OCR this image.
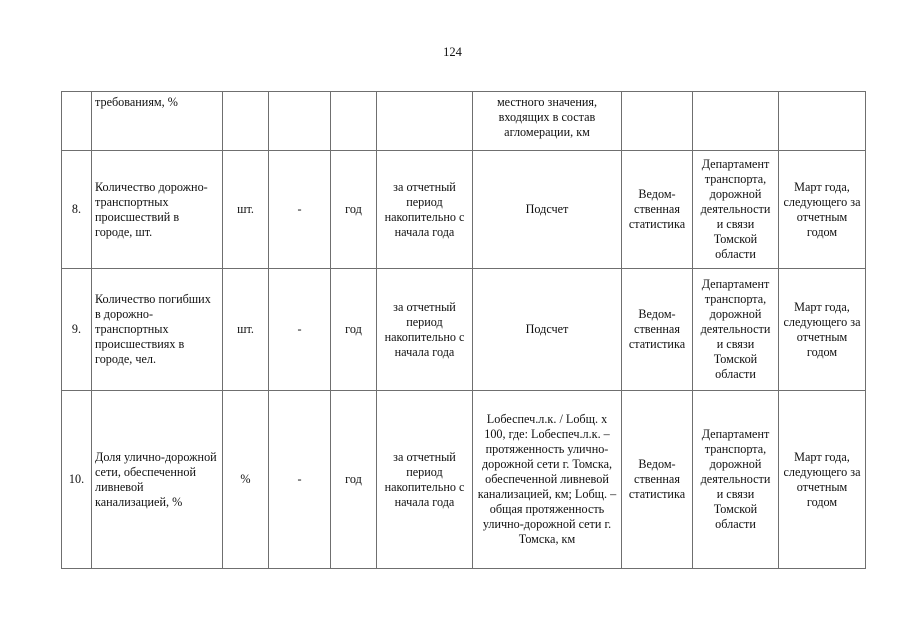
124
	требованиям, %					местного значения, входящих в состав агломерации, км			
8.	Количество дорожно-транспортных происшествий в городе, шт.	шт.	-	год	за отчетный период накопительно с начала года	Подсчет	Ведом-ственная статистика	Департамент транспорта, дорожной деятельности и связи Томской области	Март года, следующего за отчетным годом
9.	Количество погибших в дорожно-транспортных происшествиях в городе, чел.	шт.	-	год	за отчетный период накопительно с начала года	Подсчет	Ведом-ственная статистика	Департамент транспорта, дорожной деятельности и связи Томской области	Март года, следующего за отчетным годом
10.	Доля улично-дорожной сети, обеспеченной ливневой канализацией, %	%	-	год	за отчетный период накопительно с начала года	Lобеспеч.л.к. / Lобщ. x 100, где: Lобеспеч.л.к. – протяженность улично-дорожной сети г. Томска, обеспеченной ливневой канализацией, км; Lобщ. – общая протяженность улично-дорожной сети г. Томска, км	Ведом-ственная статистика	Департамент транспорта, дорожной деятельности и связи Томской области	Март года, следующего за отчетным годом
